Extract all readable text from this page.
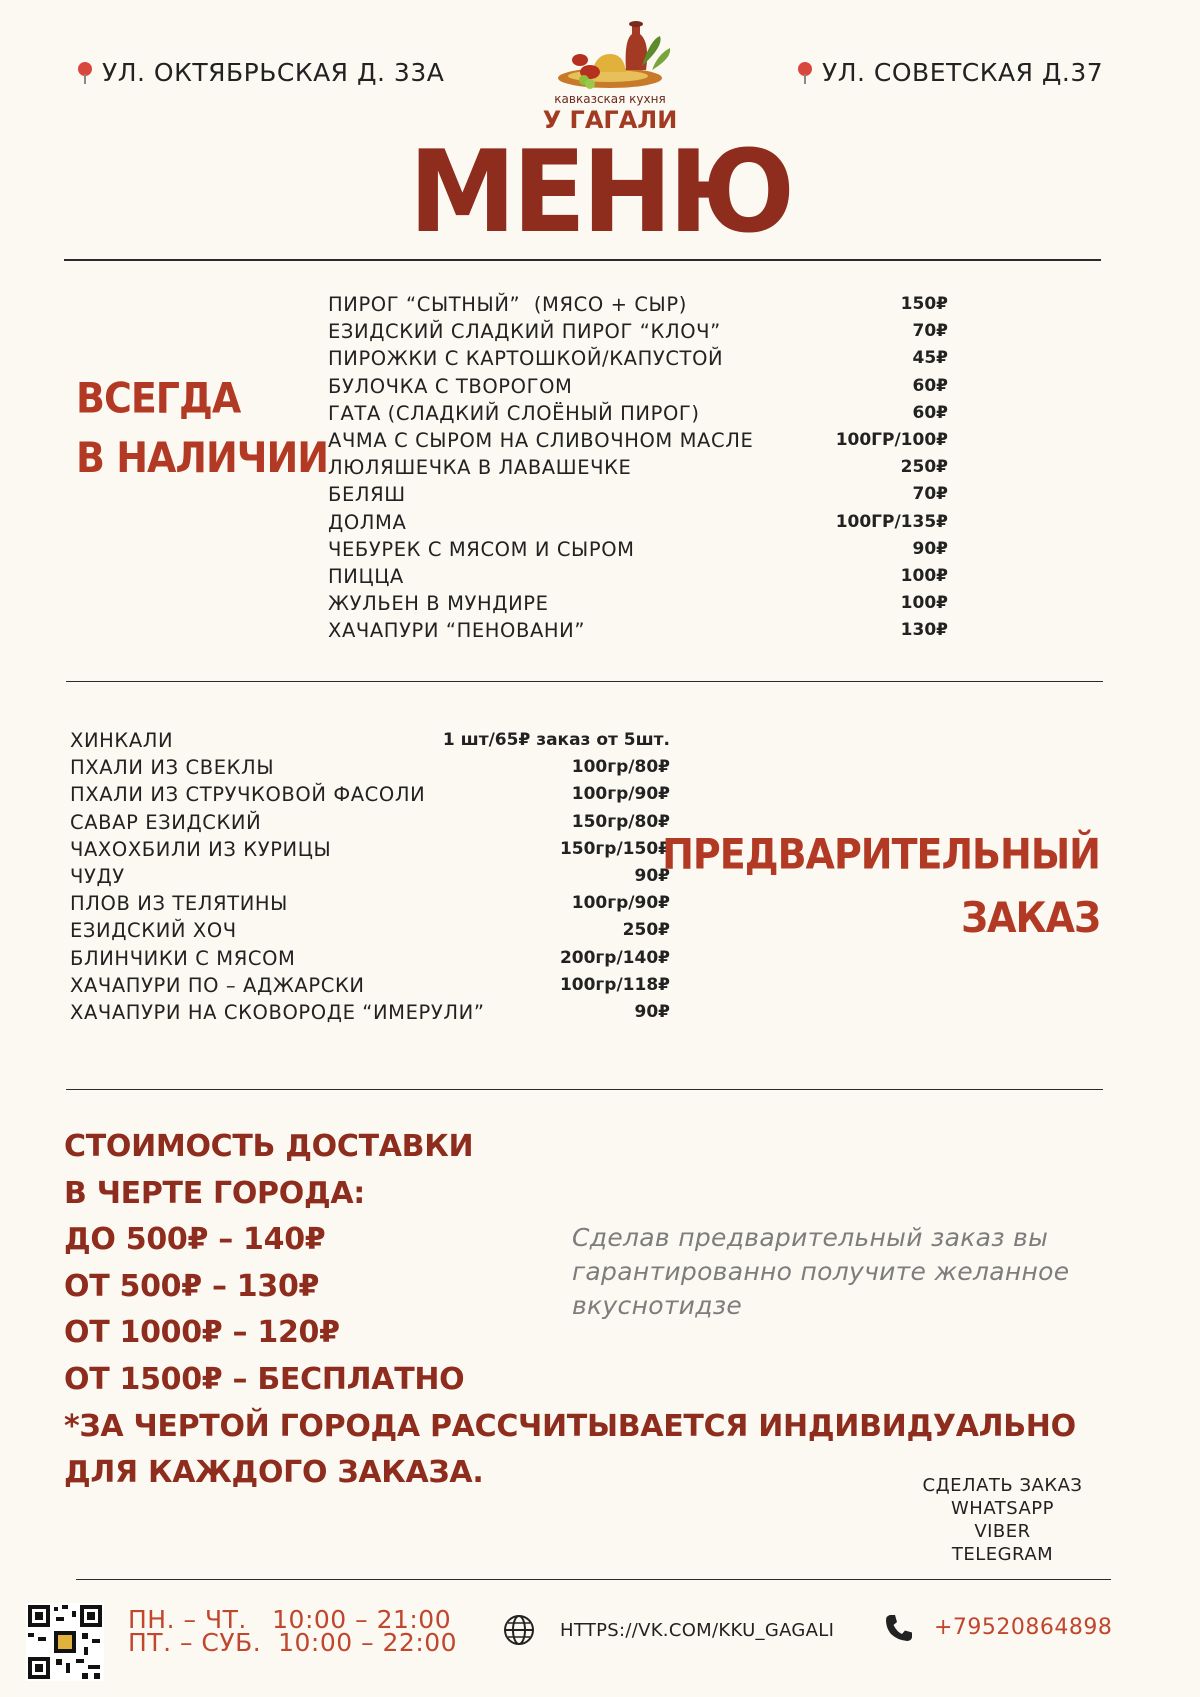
УЛ. ОКТЯБРЬСКАЯ Д. 33А	УЛ. СОВЕТСКАЯ Д.37
кавказская кухня
У ГАГАЛИ
МЕНЮ
ВСЕГДА
В НАЛИЧИИ
ПИРОГ “СЫТНЫЙ”  (МЯСО + СЫР)	150₽
ЕЗИДСКИЙ СЛАДКИЙ ПИРОГ “КЛОЧ”	70₽
ПИРОЖКИ С КАРТОШКОЙ/КАПУСТОЙ	45₽
БУЛОЧКА С ТВОРОГОМ	60₽
ГАТА (СЛАДКИЙ СЛОЁНЫЙ ПИРОГ)	60₽
АЧМА С СЫРОМ НА СЛИВОЧНОМ МАСЛЕ	100ГР/100₽
ЛЮЛЯШЕЧКА В ЛАВАШЕЧКЕ	250₽
БЕЛЯШ	70₽
ДОЛМА	100ГР/135₽
ЧЕБУРЕК С МЯСОМ И СЫРОМ	90₽
ПИЦЦА	100₽
ЖУЛЬЕН В МУНДИРЕ	100₽
ХАЧАПУРИ “ПЕНОВАНИ”	130₽
ХИНКАЛИ	1 шт/65₽ заказ от 5шт.
ПХАЛИ ИЗ СВЕКЛЫ	100гр/80₽
ПХАЛИ ИЗ СТРУЧКОВОЙ ФАСОЛИ	100гр/90₽
САВАР ЕЗИДСКИЙ	150гр/80₽
ЧАХОХБИЛИ ИЗ КУРИЦЫ	150гр/150₽
ЧУДУ	90₽
ПЛОВ ИЗ ТЕЛЯТИНЫ	100гр/90₽
ЕЗИДСКИЙ ХОЧ	250₽
БЛИНЧИКИ С МЯСОМ	200гр/140₽
ХАЧАПУРИ ПО – АДЖАРСКИ	100гр/118₽
ХАЧАПУРИ НА СКОВОРОДЕ “ИМЕРУЛИ”	90₽
ПРЕДВАРИТЕЛЬНЫЙ
ЗАКАЗ
СТОИМОСТЬ ДОСТАВКИ
В ЧЕРТЕ ГОРОДА:
ДО 500₽ – 140₽
ОТ 500₽ – 130₽
ОТ 1000₽ – 120₽
ОТ 1500₽ – БЕСПЛАТНО
*ЗА ЧЕРТОЙ ГОРОДА РАССЧИТЫВАЕТСЯ ИНДИВИДУАЛЬНО
ДЛЯ КАЖДОГО ЗАКАЗА.
Сделав предварительный заказ вы
гарантированно получите желанное
вкуснотидзе
СДЕЛАТЬ ЗАКАЗ
WHATSAPP
VIBER
TELEGRAM
ПН. – ЧТ.   10:00 – 21:00
ПТ. – СУБ.  10:00 – 22:00	HTTPS://VK.COM/KKU_GAGALI	+79520864898
